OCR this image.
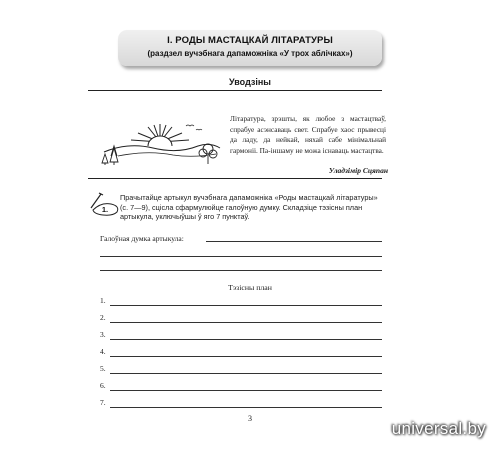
І. РОДЫ МАСТАЦКАЙ ЛІТАРАТУРЫ
(раздзел вучэбнага дапаможніка «У трох аблічках»)
Уводзіны
Літаратура, зрэшты, як любое з мастацтваў, спрабуе асэнсаваць свет. Спрабуе хаос прывесці да ладу, да нейкай, няхай сабе мінімальнай гармоніі. Па-іншаму не можа існаваць мастацтва.
Уладзімір Сцяпан
1.
Прачытайце артыкул вучэбнага дапаможніка «Роды мастацкай літаратуры» (с. 7—9), сцісла сфармулюйце галоўную думку. Складзіце тэзісны план артыкула, уключыўшы ў яго 7 пунктаў.
Галоўная думка артыкула:
Тэзісны план
1.
2.
3.
4.
5.
6.
7.
3
universal.by
